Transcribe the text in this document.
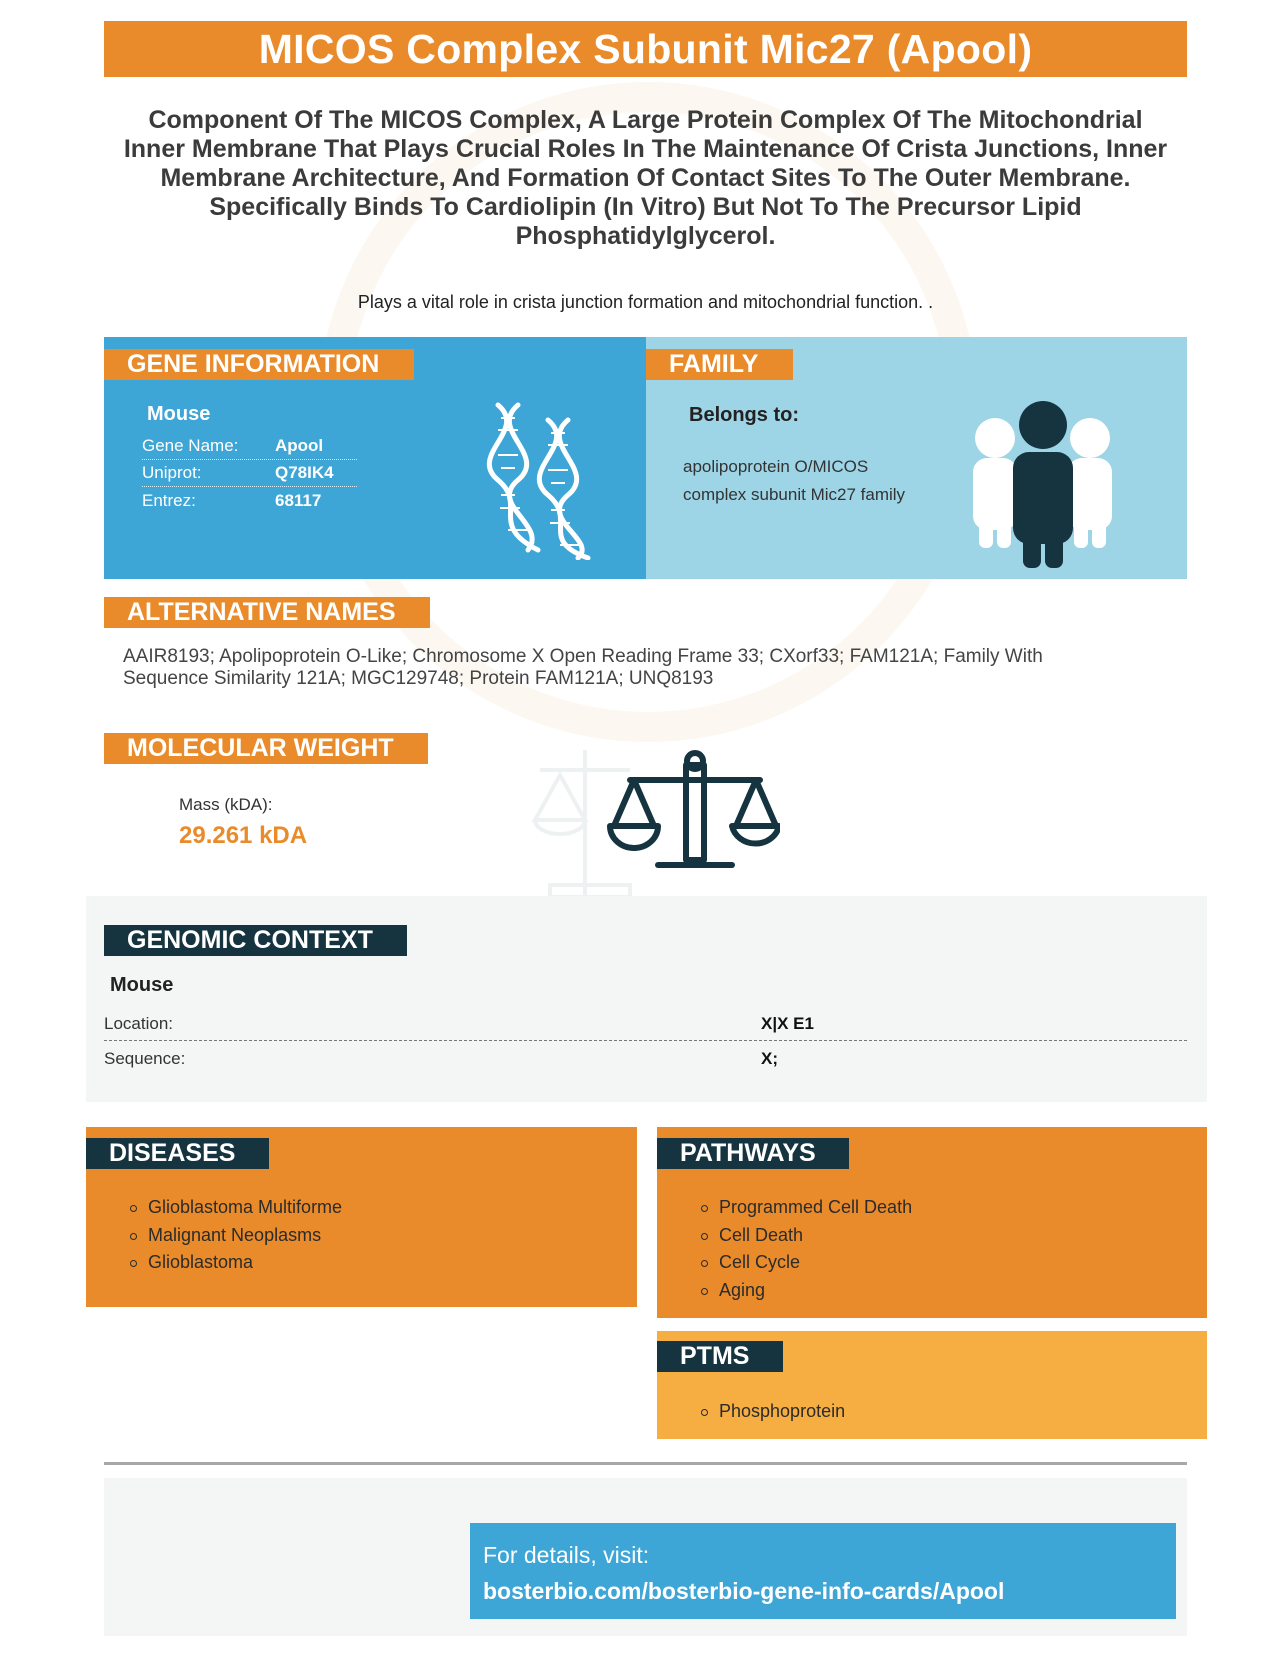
MICOS Complex Subunit Mic27 (Apool)

Component Of The MICOS Complex, A Large Protein Complex Of The Mitochondrial Inner Membrane That Plays Crucial Roles In The Maintenance Of Crista Junctions, Inner Membrane Architecture, And Formation Of Contact Sites To The Outer Membrane. Specifically Binds To Cardiolipin (In Vitro) But Not To The Precursor Lipid Phosphatidylglycerol.

Plays a vital role in crista junction formation and mitochondrial function. .

GENE INFORMATION
Mouse
Gene Name:	Apool
Uniprot:	Q78IK4
Entrez:	68117
FAMILY
Belongs to:
apolipoprotein O/MICOS complex subunit Mic27 family
ALTERNATIVE NAMES

AAIR8193; Apolipoprotein O-Like; Chromosome X Open Reading Frame 33; CXorf33; FAM121A; Family With Sequence Similarity 121A; MGC129748; Protein FAM121A; UNQ8193

MOLECULAR WEIGHT
Mass (kDA):
29.261 kDA
GENOMIC CONTEXT
Mouse
Location:	X|X E1
Sequence:	X;
DISEASES
Glioblastoma Multiforme
Malignant Neoplasms
Glioblastoma
PATHWAYS
Programmed Cell Death
Cell Death
Cell Cycle
Aging
PTMS
Phosphoprotein
For details, visit:
bosterbio.com/bosterbio-gene-info-cards/Apool
